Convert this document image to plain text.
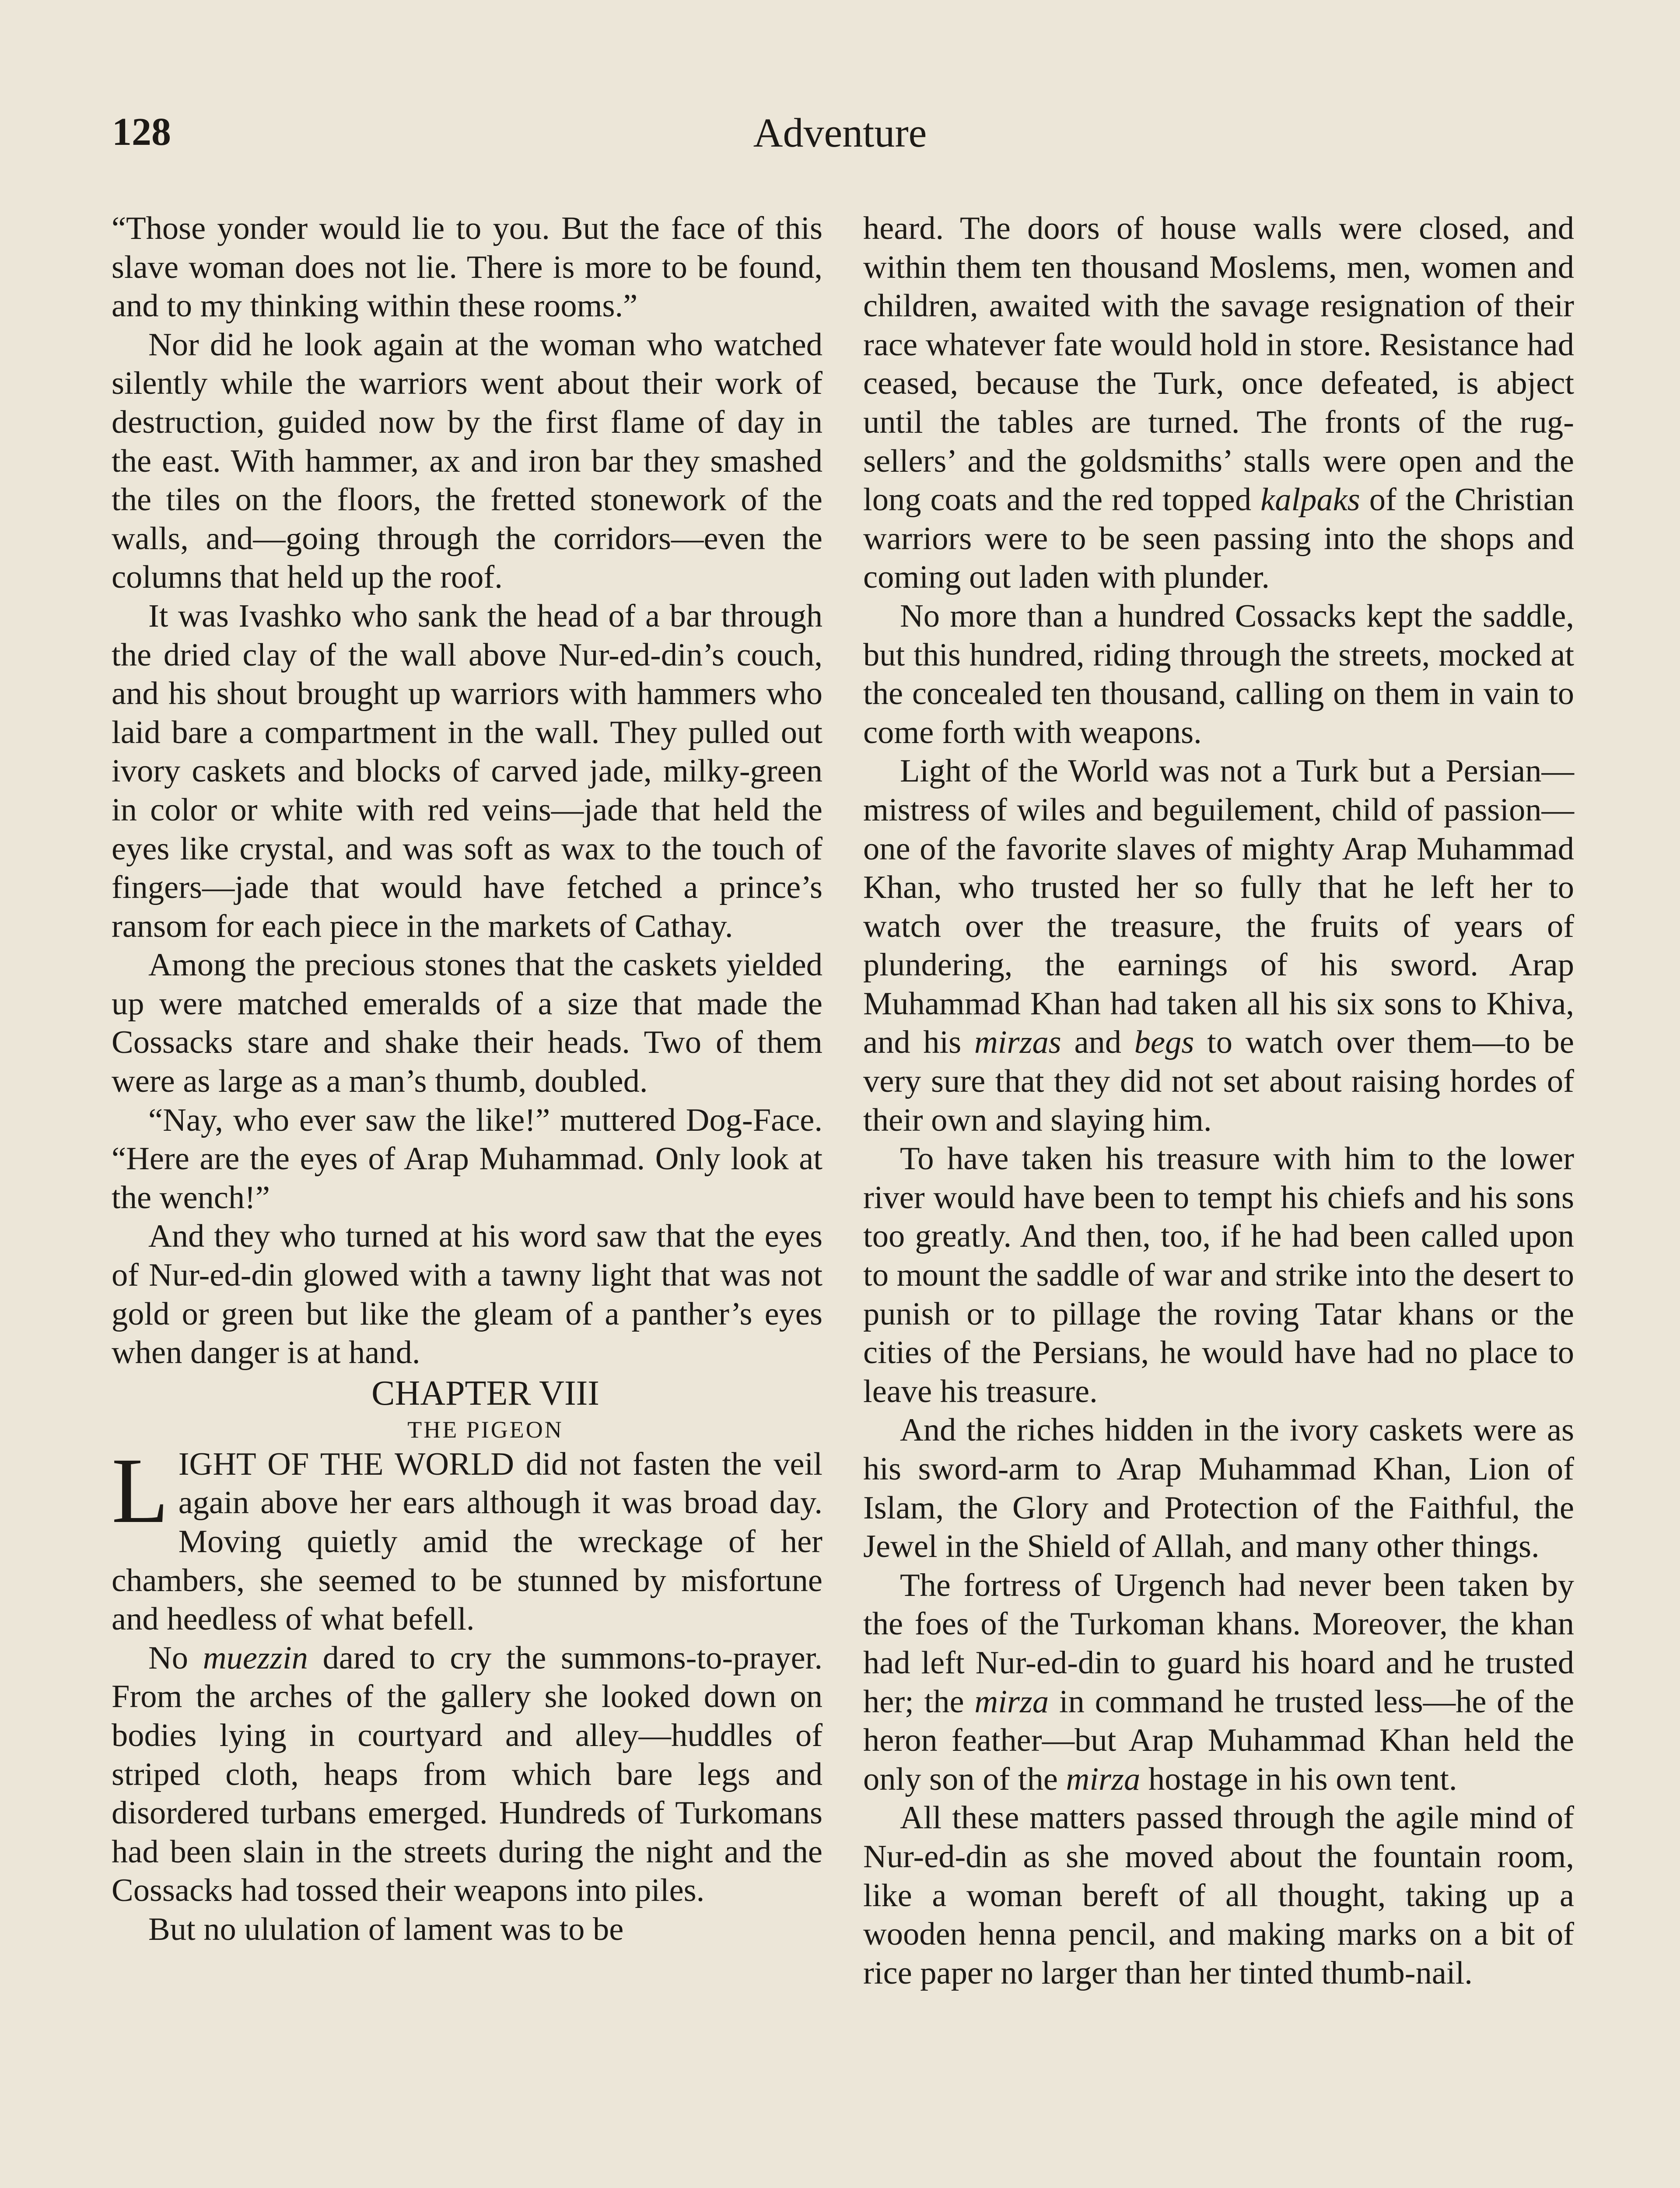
128	Adventure

“Those yonder would lie to you. But the face of this slave woman does not lie. There is more to be found, and to my thinking within these rooms.”

Nor did he look again at the woman who watched silently while the warriors went about their work of destruction, guided now by the first flame of day in the east. With hammer, ax and iron bar they smashed the tiles on the floors, the fretted stonework of the walls, and—going through the corridors—even the columns that held up the roof.

It was Ivashko who sank the head of a bar through the dried clay of the wall above Nur-ed-din’s couch, and his shout brought up warriors with hammers who laid bare a compartment in the wall. They pulled out ivory caskets and blocks of carved jade, milky-green in color or white with red veins—jade that held the eyes like crystal, and was soft as wax to the touch of fingers—jade that would have fetched a prince’s ransom for each piece in the markets of Cathay.

Among the precious stones that the caskets yielded up were matched emeralds of a size that made the Cossacks stare and shake their heads. Two of them were as large as a man’s thumb, doubled.

“Nay, who ever saw the like!” muttered Dog-Face. “Here are the eyes of Arap Muhammad. Only look at the wench!”

And they who turned at his word saw that the eyes of Nur-ed-din glowed with a tawny light that was not gold or green but like the gleam of a panther’s eyes when danger is at hand.

CHAPTER VIII

THE PIGEON

LIGHT OF THE WORLD did not fasten the veil again above her ears although it was broad day. Moving quietly amid the wreckage of her chambers, she seemed to be stunned by misfortune and heedless of what befell.

No muezzin dared to cry the summons-to-prayer. From the arches of the gallery she looked down on bodies lying in courtyard and alley—huddles of striped cloth, heaps from which bare legs and disordered turbans emerged. Hundreds of Turkomans had been slain in the streets during the night and the Cossacks had tossed their weapons into piles.

But no ululation of lament was to be

heard. The doors of house walls were closed, and within them ten thousand Moslems, men, women and children, awaited with the savage resignation of their race whatever fate would hold in store. Resistance had ceased, because the Turk, once defeated, is abject until the tables are turned. The fronts of the rug-sellers’ and the goldsmiths’ stalls were open and the long coats and the red topped kalpaks of the Christian warriors were to be seen passing into the shops and coming out laden with plunder.

No more than a hundred Cossacks kept the saddle, but this hundred, riding through the streets, mocked at the concealed ten thousand, calling on them in vain to come forth with weapons.

Light of the World was not a Turk but a Persian—mistress of wiles and beguilement, child of passion—one of the favorite slaves of mighty Arap Muhammad Khan, who trusted her so fully that he left her to watch over the treasure, the fruits of years of plundering, the earnings of his sword. Arap Muhammad Khan had taken all his six sons to Khiva, and his mirzas and begs to watch over them—to be very sure that they did not set about raising hordes of their own and slaying him.

To have taken his treasure with him to the lower river would have been to tempt his chiefs and his sons too greatly. And then, too, if he had been called upon to mount the saddle of war and strike into the desert to punish or to pillage the roving Tatar khans or the cities of the Persians, he would have had no place to leave his treasure.

And the riches hidden in the ivory caskets were as his sword-arm to Arap Muhammad Khan, Lion of Islam, the Glory and Protection of the Faithful, the Jewel in the Shield of Allah, and many other things.

The fortress of Urgench had never been taken by the foes of the Turkoman khans. Moreover, the khan had left Nur-ed-din to guard his hoard and he trusted her; the mirza in command he trusted less—he of the heron feather—but Arap Muhammad Khan held the only son of the mirza hostage in his own tent.

All these matters passed through the agile mind of Nur-ed-din as she moved about the fountain room, like a woman bereft of all thought, taking up a wooden henna pencil, and making marks on a bit of rice paper no larger than her tinted thumb-nail.
